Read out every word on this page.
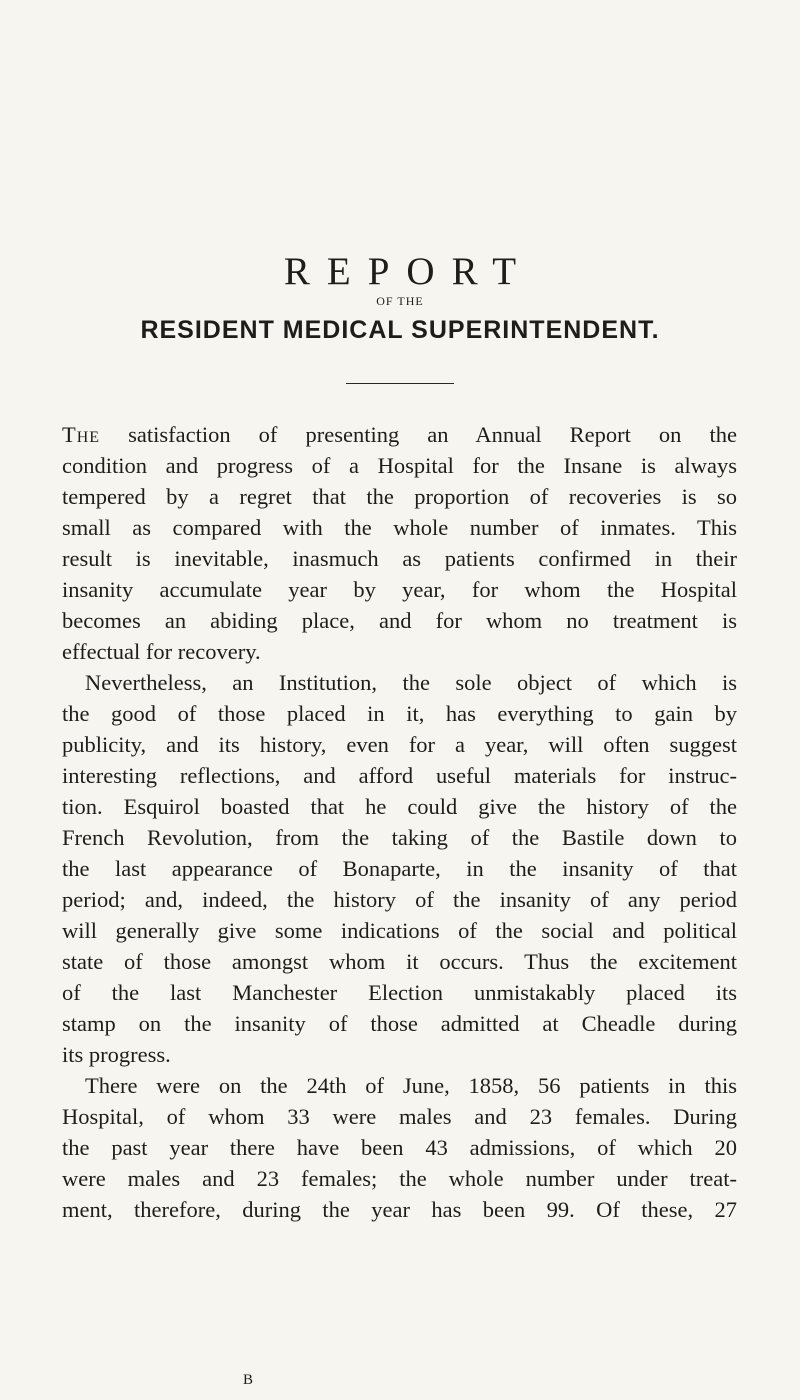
REPORT
OF THE
RESIDENT MEDICAL SUPERINTENDENT.
The satisfaction of presenting an Annual Report on the
condition and progress of a Hospital for the Insane is always
tempered by a regret that the proportion of recoveries is so
small as compared with the whole number of inmates. This
result is inevitable, inasmuch as patients confirmed in their
insanity accumulate year by year, for whom the Hospital
becomes an abiding place, and for whom no treatment is
effectual for recovery.
Nevertheless, an Institution, the sole object of which is
the good of those placed in it, has everything to gain by
publicity, and its history, even for a year, will often suggest
interesting reflections, and afford useful materials for instruc-
tion. Esquirol boasted that he could give the history of the
French Revolution, from the taking of the Bastile down to
the last appearance of Bonaparte, in the insanity of that
period; and, indeed, the history of the insanity of any period
will generally give some indications of the social and political
state of those amongst whom it occurs. Thus the excitement
of the last Manchester Election unmistakably placed its
stamp on the insanity of those admitted at Cheadle during
its progress.
There were on the 24th of June, 1858, 56 patients in this
Hospital, of whom 33 were males and 23 females. During
the past year there have been 43 admissions, of which 20
were males and 23 females; the whole number under treat-
ment, therefore, during the year has been 99. Of these, 27
B
